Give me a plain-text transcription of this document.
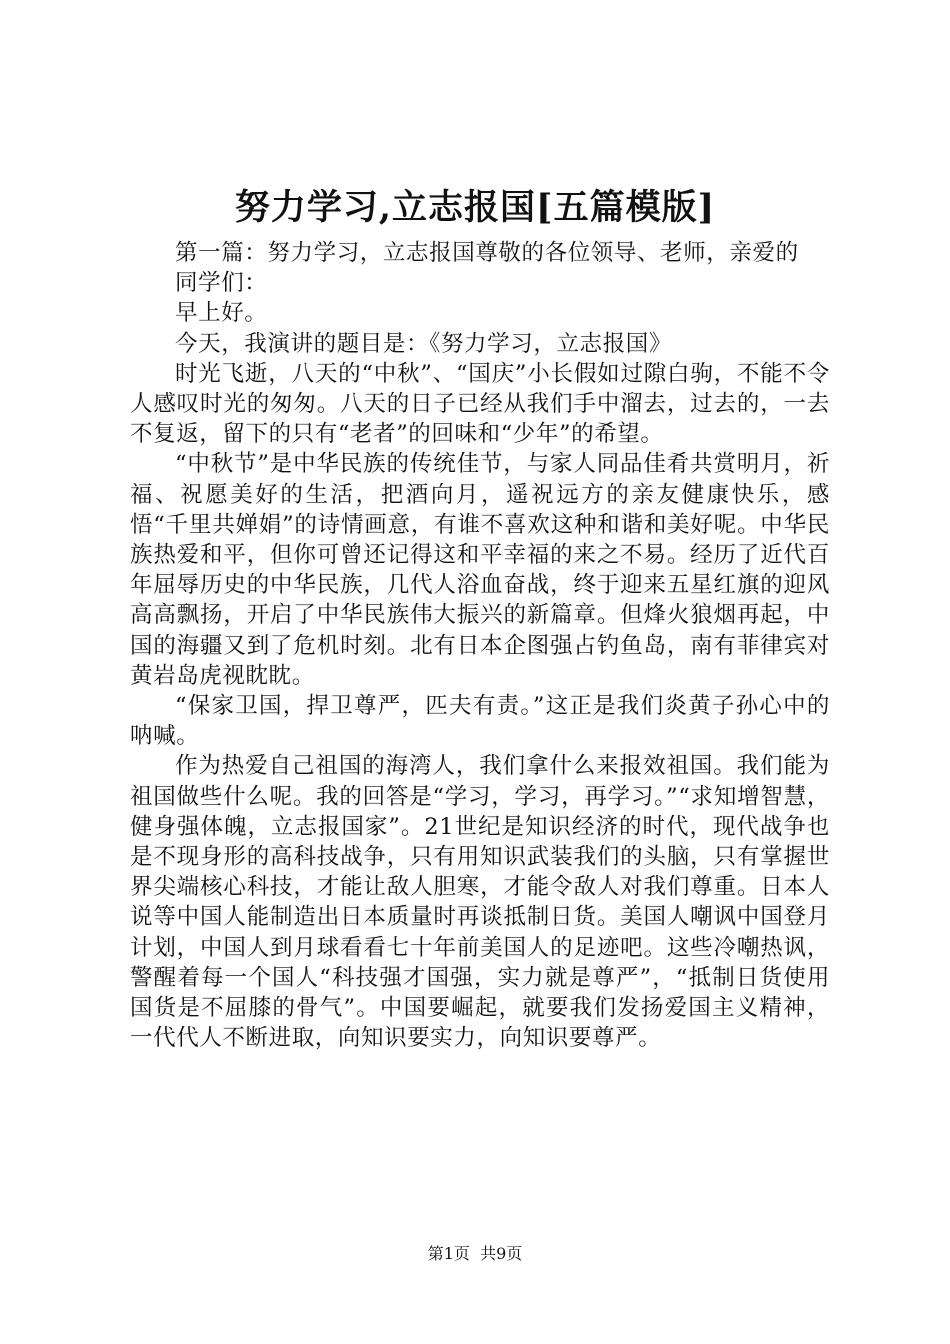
努力学习,立志报国[五篇模版]

第一篇：努力学习，立志报国尊敬的各位领导、老师，亲爱的

同学们：

早上好。

今天，我演讲的题目是：《努力学习，立志报国》

时光飞逝，八天的“中秋”、“国庆”小长假如过隙白驹，不能不令人感叹时光的匆匆。八天的日子已经从我们手中溜去，过去的，一去不复返，留下的只有“老者”的回味和“少年”的希望。

“中秋节”是中华民族的传统佳节，与家人同品佳肴共赏明月，祈福、祝愿美好的生活，把酒向月，遥祝远方的亲友健康快乐，感悟“千里共婵娟”的诗情画意，有谁不喜欢这种和谐和美好呢。中华民族热爱和平，但你可曾还记得这和平幸福的来之不易。经历了近代百年屈辱历史的中华民族，几代人浴血奋战，终于迎来五星红旗的迎风高高飘扬，开启了中华民族伟大振兴的新篇章。但烽火狼烟再起，中国的海疆又到了危机时刻。北有日本企图强占钓鱼岛，南有菲律宾对黄岩岛虎视眈眈。

“保家卫国，捍卫尊严，匹夫有责。”这正是我们炎黄子孙心中的呐喊。

作为热爱自己祖国的海湾人，我们拿什么来报效祖国。我们能为祖国做些什么呢。我的回答是“学习，学习，再学习。”“求知增智慧，健身强体魄，立志报国家”。21世纪是知识经济的时代，现代战争也是不现身形的高科技战争，只有用知识武装我们的头脑，只有掌握世界尖端核心科技，才能让敌人胆寒，才能令敌人对我们尊重。日本人说等中国人能制造出日本质量时再谈抵制日货。美国人嘲讽中国登月计划，中国人到月球看看七十年前美国人的足迹吧。这些冷嘲热讽，警醒着每一个国人“科技强才国强，实力就是尊严”，“抵制日货使用国货是不屈膝的骨气”。中国要崛起，就要我们发扬爱国主义精神，一代代人不断进取，向知识要实力，向知识要尊严。

第1页  共9页
